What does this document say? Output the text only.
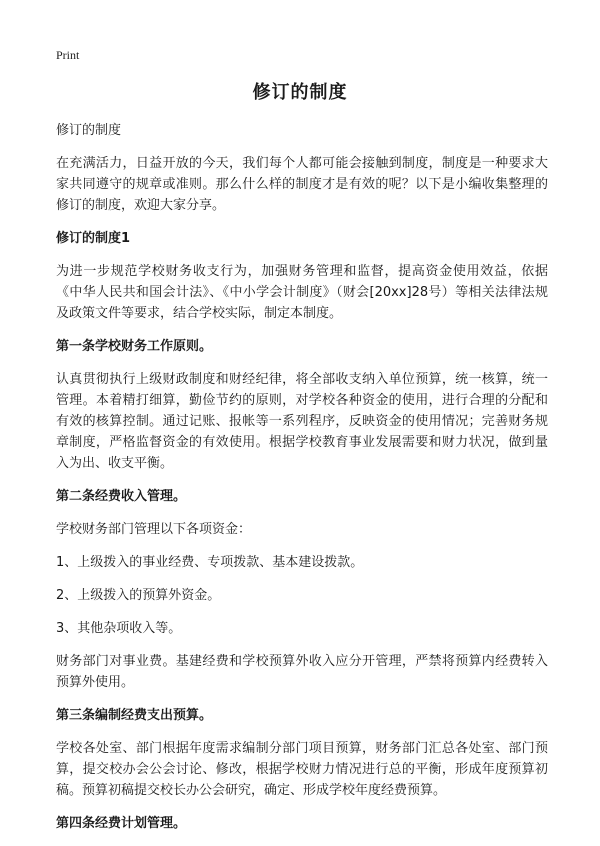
Print
修订的制度

修订的制度

在充满活力，日益开放的今天，我们每个人都可能会接触到制度，制度是一种要求大家共同遵守的规章或准则。那么什么样的制度才是有效的呢？以下是小编收集整理的修订的制度，欢迎大家分享。

修订的制度1

为进一步规范学校财务收支行为，加强财务管理和监督，提高资金使用效益，依据《中华人民共和国会计法》、《中小学会计制度》（财会[20xx]28号）等相关法律法规及政策文件等要求，结合学校实际，制定本制度。

第一条学校财务工作原则。

认真贯彻执行上级财政制度和财经纪律，将全部收支纳入单位预算，统一核算，统一管理。本着精打细算，勤俭节约的原则，对学校各种资金的使用，进行合理的分配和有效的核算控制。通过记账、报帐等一系列程序，反映资金的使用情况；完善财务规章制度，严格监督资金的有效使用。根据学校教育事业发展需要和财力状况，做到量入为出、收支平衡。

第二条经费收入管理。

学校财务部门管理以下各项资金：

1、上级拨入的事业经费、专项拨款、基本建设拨款。

2、上级拨入的预算外资金。

3、其他杂项收入等。

财务部门对事业费。基建经费和学校预算外收入应分开管理，严禁将预算内经费转入预算外使用。

第三条编制经费支出预算。

学校各处室、部门根据年度需求编制分部门项目预算，财务部门汇总各处室、部门预算，提交校办会公会讨论、修改，根据学校财力情况进行总的平衡，形成年度预算初稿。预算初稿提交校长办公会研究，确定、形成学校年度经费预算。

第四条经费计划管理。
